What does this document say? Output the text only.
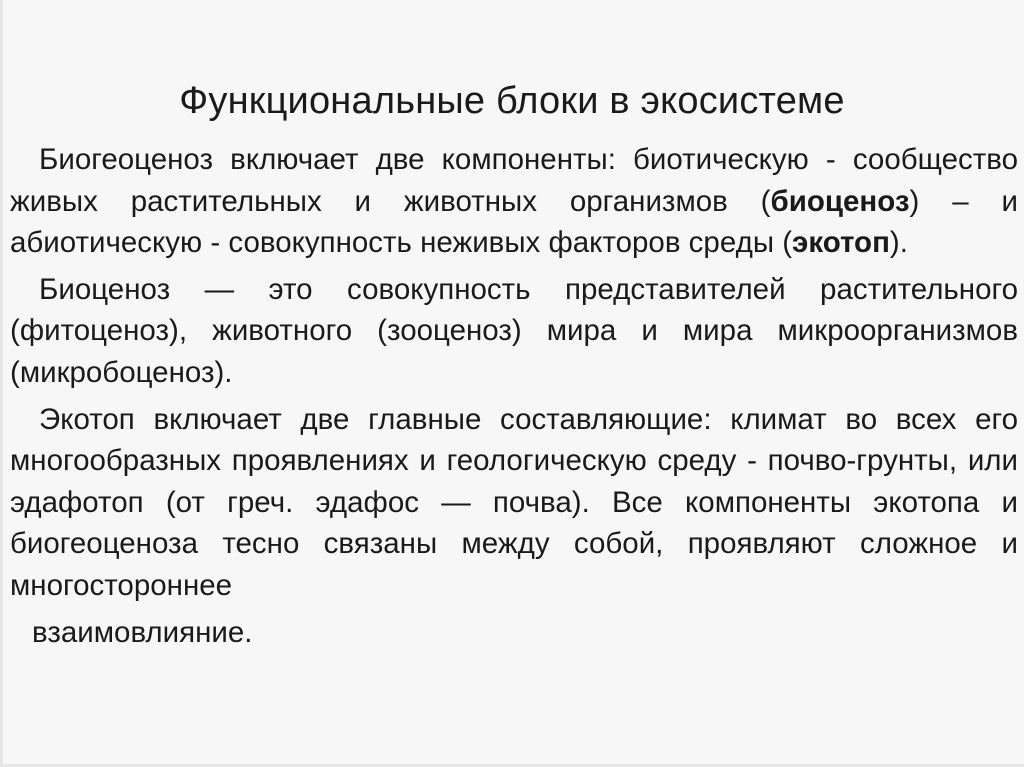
Функциональные блоки в экосистеме

Биогеоценоз включает две компоненты: биотическую - сообщество живых растительных и животных организмов (биоценоз) – и абиотическую - совокупность неживых факторов среды (экотоп).

Биоценоз — это совокупность представителей растительного (фитоценоз), животного (зооценоз) мира и мира микроорганизмов (микробоценоз).

Экотоп включает две главные составляющие: климат во всех его многообразных проявлениях и геологическую среду - почво-грунты, или эдафотоп (от греч. эдафос — почва). Все компоненты экотопа и биогеоценоза тесно связаны между собой, проявляют сложное и многостороннее

взаимовлияние.
